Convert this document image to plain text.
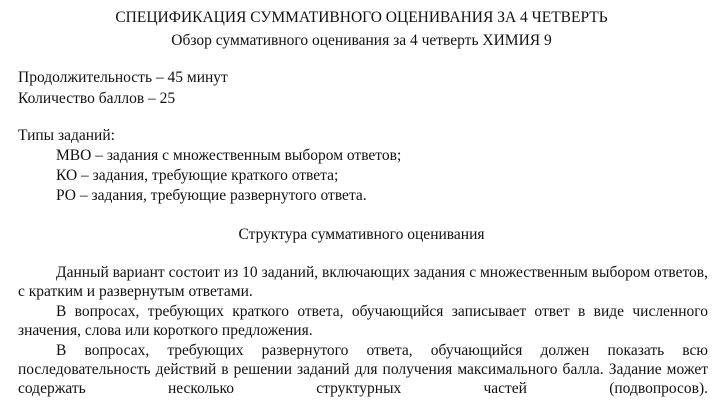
СПЕЦИФИКАЦИЯ СУММАТИВНОГО ОЦЕНИВАНИЯ ЗА 4 ЧЕТВЕРТЬ
Обзор суммативного оценивания за 4 четверть ХИМИЯ 9
Продолжительность – 45 минут
Количество баллов – 25
Типы заданий:
МВО – задания с множественным выбором ответов;
КО – задания, требующие краткого ответа;
РО – задания, требующие развернутого ответа.
Структура суммативного оценивания

Данный вариант состоит из 10 заданий, включающих задания с множественным выбором ответов, с кратким и развернутым ответами.

В вопросах, требующих краткого ответа, обучающийся записывает ответ в виде численного значения, слова или короткого предложения.

В вопросах, требующих развернутого ответа, обучающийся должен показать всю последовательность действий в решении заданий для получения максимального балла. Задание может содержать несколько структурных частей (подвопросов).
